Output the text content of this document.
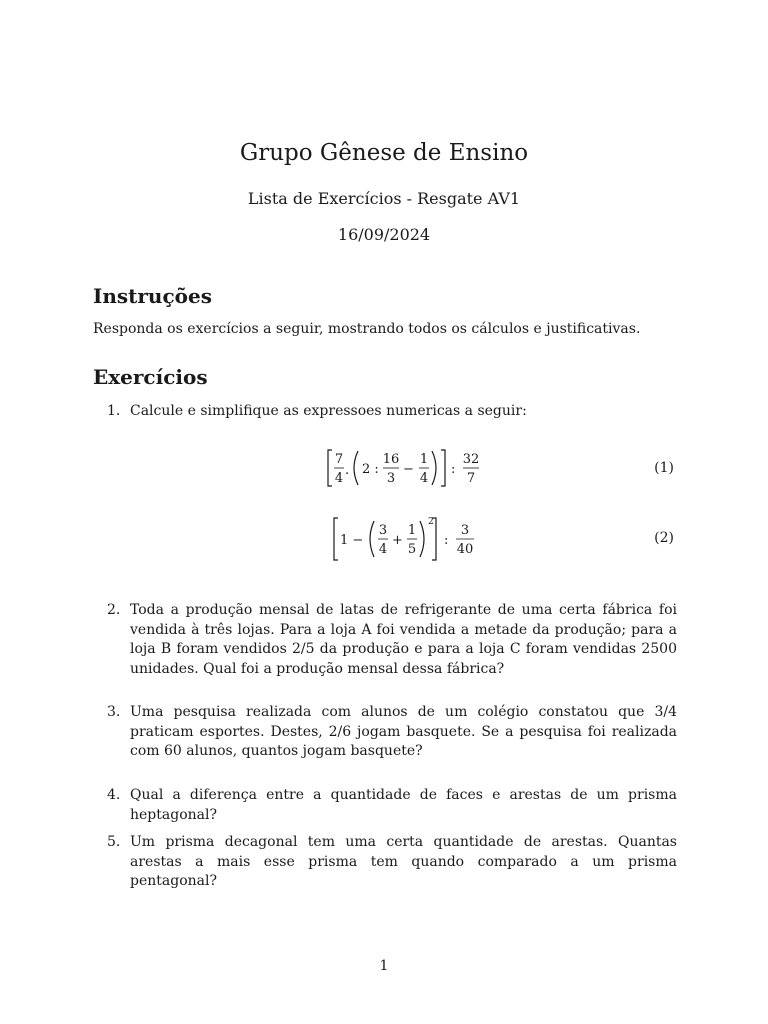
Grupo Gênese de Ensino
Lista de Exercícios - Resgate AV1
16/09/2024
Instruções
Responda os exercícios a seguir, mostrando todos os cálculos e justificativas.
Exercícios
1. Calcule e simplifique as expressoes numericas a seguir:
7
4
. 2 :
16
3
−
1
4
:
32
7
(1)
1 −
3
4
+
1
5
2
:
3
40
(2)
2. Toda a produção mensal de latas de refrigerante de uma certa fábrica foi vendida à três lojas. Para a loja A foi vendida a metade da produção; para a loja B foram vendidos 2/5 da produção e para a loja C foram vendidas 2500 unidades. Qual foi a produção mensal dessa fábrica?
3. Uma pesquisa realizada com alunos de um colégio constatou que 3/4 praticam esportes. Destes, 2/6 jogam basquete. Se a pesquisa foi realizada com 60 alunos, quantos jogam basquete?
4. Qual a diferença entre a quantidade de faces e arestas de um prisma heptagonal?
5. Um prisma decagonal tem uma certa quantidade de arestas. Quantas arestas a mais esse prisma tem quando comparado a um prisma pentagonal?
1
